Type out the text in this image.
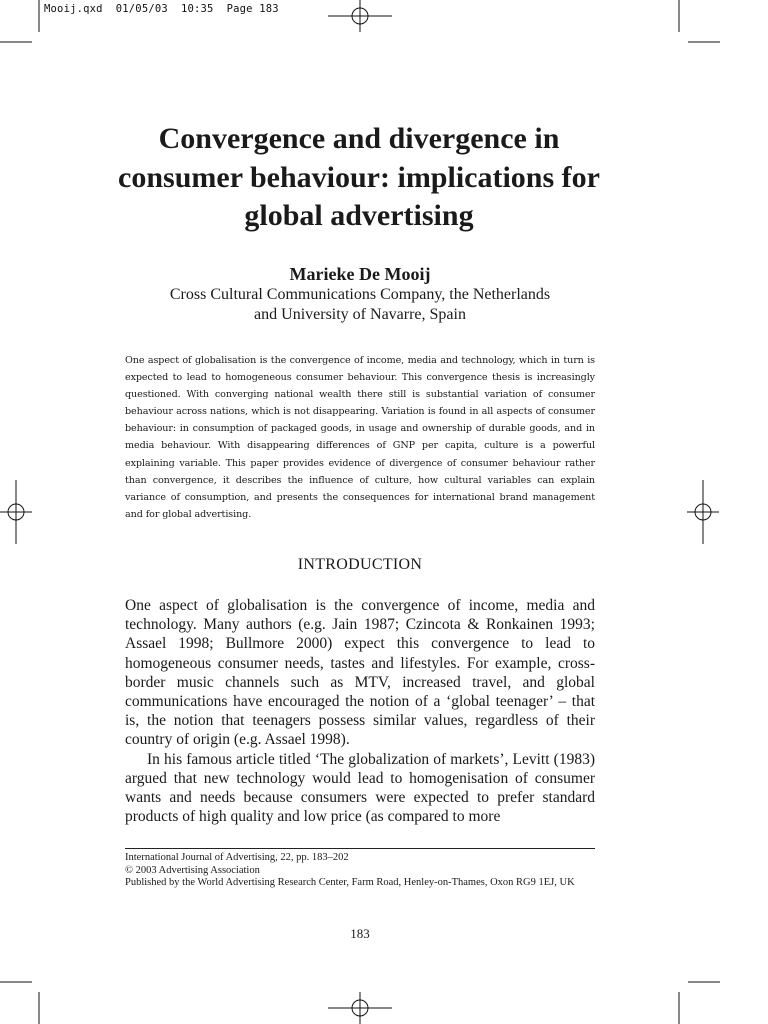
Mooij.qxd  01/05/03  10:35  Page 183
Convergence and divergence in consumer behaviour: implications for global advertising
Marieke De Mooij
Cross Cultural Communications Company, the Netherlands
and University of Navarre, Spain

One aspect of globalisation is the convergence of income, media and technology, which in turn is expected to lead to homogeneous consumer behaviour. This convergence thesis is increasingly questioned. With converging national wealth there still is substantial variation of consumer behaviour across nations, which is not disappearing. Variation is found in all aspects of consumer behaviour: in consumption of packaged goods, in usage and ownership of durable goods, and in media behaviour. With disappearing differences of GNP per capita, culture is a powerful explaining variable. This paper provides evidence of divergence of consumer behaviour rather than convergence, it describes the influence of culture, how cultural variables can explain variance of consumption, and presents the consequences for international brand management and for global advertising.

INTRODUCTION

One aspect of globalisation is the convergence of income, media and technology. Many authors (e.g. Jain 1987; Czincota & Ronkainen 1993; Assael 1998; Bullmore 2000) expect this convergence to lead to homogeneous consumer needs, tastes and lifestyles. For example, cross-border music channels such as MTV, increased travel, and global communications have encouraged the notion of a ‘global teenager’ – that is, the notion that teenagers possess similar values, regardless of their country of origin (e.g. Assael 1998).

In his famous article titled ‘The globalization of markets’, Levitt (1983) argued that new technology would lead to homogenisation of consumer wants and needs because consumers were expected to prefer standard products of high quality and low price (as compared to more

International Journal of Advertising, 22, pp. 183–202
© 2003 Advertising Association
Published by the World Advertising Research Center, Farm Road, Henley-on-Thames, Oxon RG9 1EJ, UK
183
